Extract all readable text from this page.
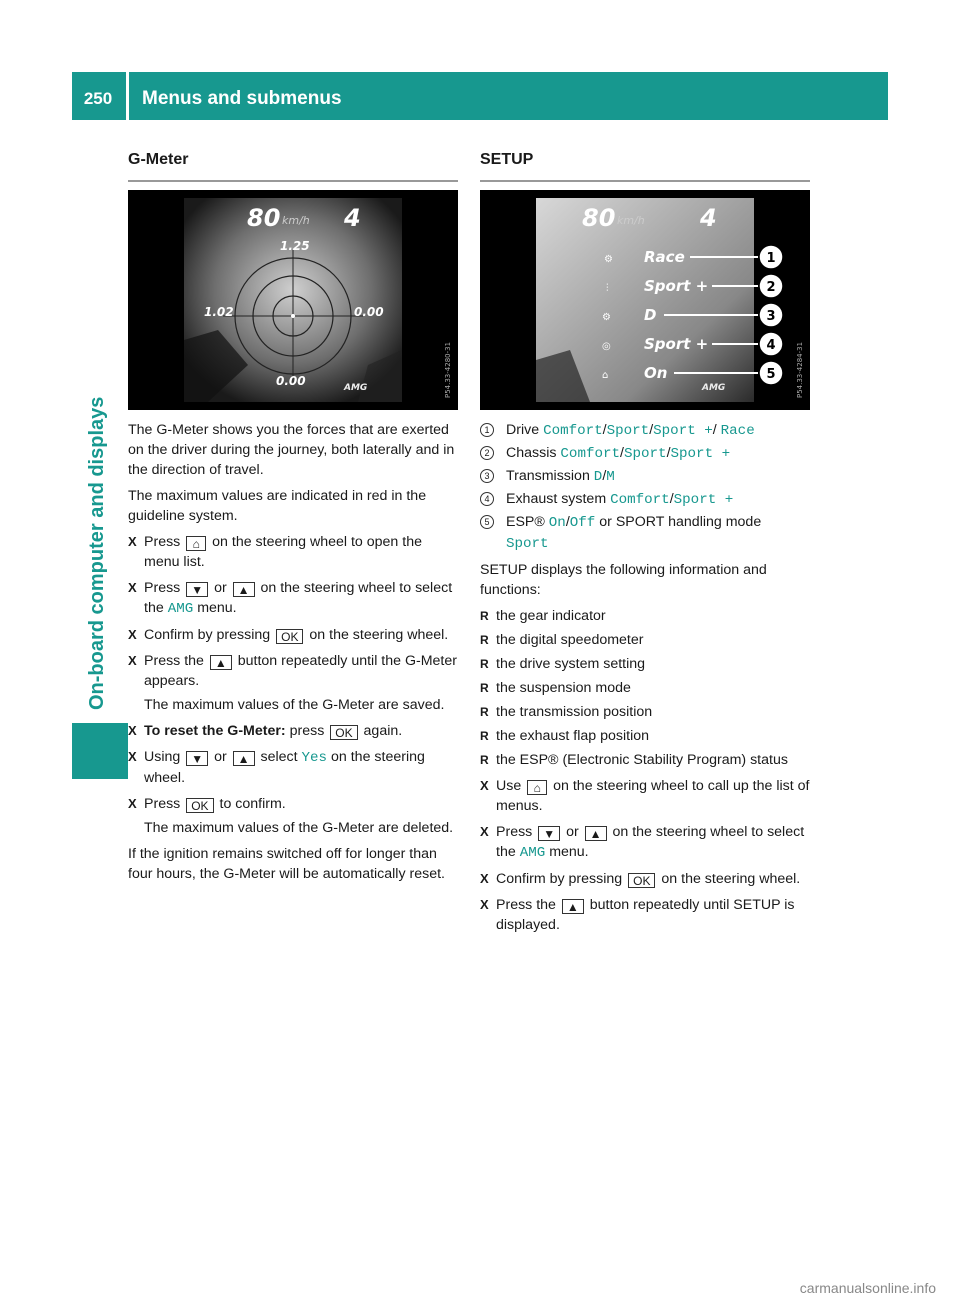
250	Menus and submenus
On-board computer and displays
G-Meter
80 km/h 4
1.25
1.02	0.00
0.00	AMG	P54.33-4280-31

The G-Meter shows you the forces that are exerted on the driver during the journey, both laterally and in the direction of travel.

The maximum values are indicated in red in the guideline system.

X Press ⌂ on the steering wheel to open the menu list.
X Press ▼ or ▲ on the steering wheel to select the AMG menu.
X Confirm by pressing OK on the steering wheel.
X Press the ▲ button repeatedly until the G-Meter appears.
The maximum values of the G-Meter are saved.
X To reset the G-Meter: press OK again.
X Using ▼ or ▲ select Yes on the steering wheel.
X Press OK to confirm.
The maximum values of the G-Meter are deleted.

If the ignition remains switched off for longer than four hours, the G-Meter will be automatically reset.

SETUP
80 km/h 4
⚙
⫶
⚙
◎
⌂
Race
Sport +
D
Sport +
On
1
2
3
4
5
AMG	P54.33-4284-31
1	Drive Comfort/Sport/Sport +/ Race
2	Chassis Comfort/Sport/Sport +
3	Transmission D/M
4	Exhaust system Comfort/Sport +
5	ESP® On/Off or SPORT handling mode
Sport

SETUP displays the following information and functions:

R the gear indicator
R the digital speedometer
R the drive system setting
R the suspension mode
R the transmission position
R the exhaust flap position
R the ESP® (Electronic Stability Program) status
X Use ⌂ on the steering wheel to call up the list of menus.
X Press ▼ or ▲ on the steering wheel to select the AMG menu.
X Confirm by pressing OK on the steering wheel.
X Press the ▲ button repeatedly until SETUP is displayed.
carmanualsonline.info
